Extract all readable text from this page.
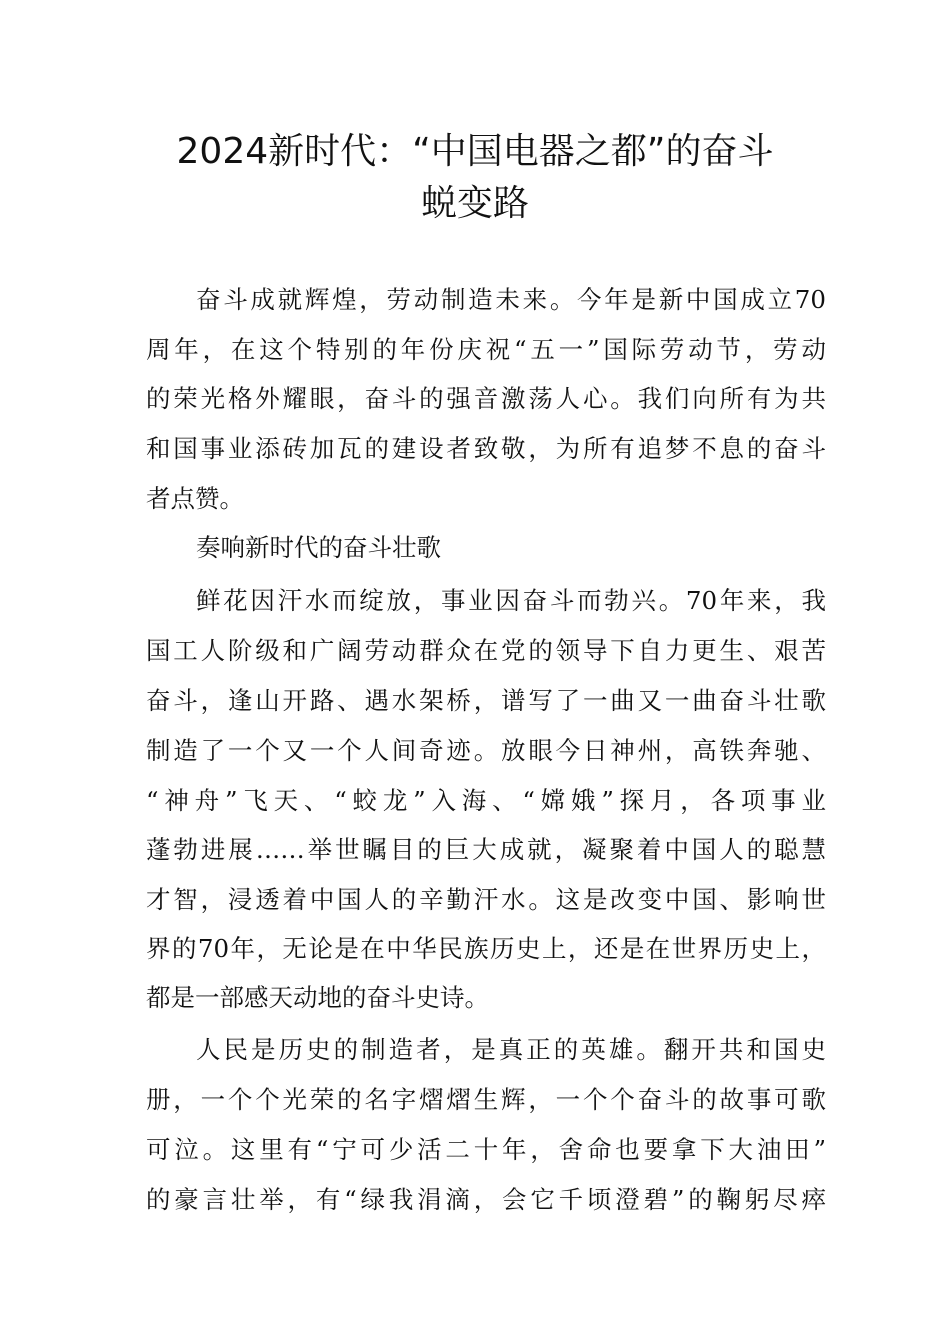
2024新时代：“中国电器之都”的奋斗
蜕变路
奋斗成就辉煌，劳动制造未来。今年是新中国成立70
周年，在这个特别的年份庆祝“五一”国际劳动节，劳动
的荣光格外耀眼，奋斗的强音激荡人心。我们向所有为共
和国事业添砖加瓦的建设者致敬，为所有追梦不息的奋斗
者点赞。
奏响新时代的奋斗壮歌
鲜花因汗水而绽放，事业因奋斗而勃兴。70年来，我
国工人阶级和广阔劳动群众在党的领导下自力更生、艰苦
奋斗，逢山开路、遇水架桥，谱写了一曲又一曲奋斗壮歌
制造了一个又一个人间奇迹。放眼今日神州，高铁奔驰、
“神舟”飞天、“蛟龙”入海、“嫦娥”探月，各项事业
蓬勃进展……举世瞩目的巨大成就，凝聚着中国人的聪慧
才智，浸透着中国人的辛勤汗水。这是改变中国、影响世
界的70年，无论是在中华民族历史上，还是在世界历史上，
都是一部感天动地的奋斗史诗。
人民是历史的制造者，是真正的英雄。翻开共和国史
册，一个个光荣的名字熠熠生辉，一个个奋斗的故事可歌
可泣。这里有“宁可少活二十年，舍命也要拿下大油田”
的豪言壮举，有“绿我涓滴，会它千顷澄碧”的鞠躬尽瘁
